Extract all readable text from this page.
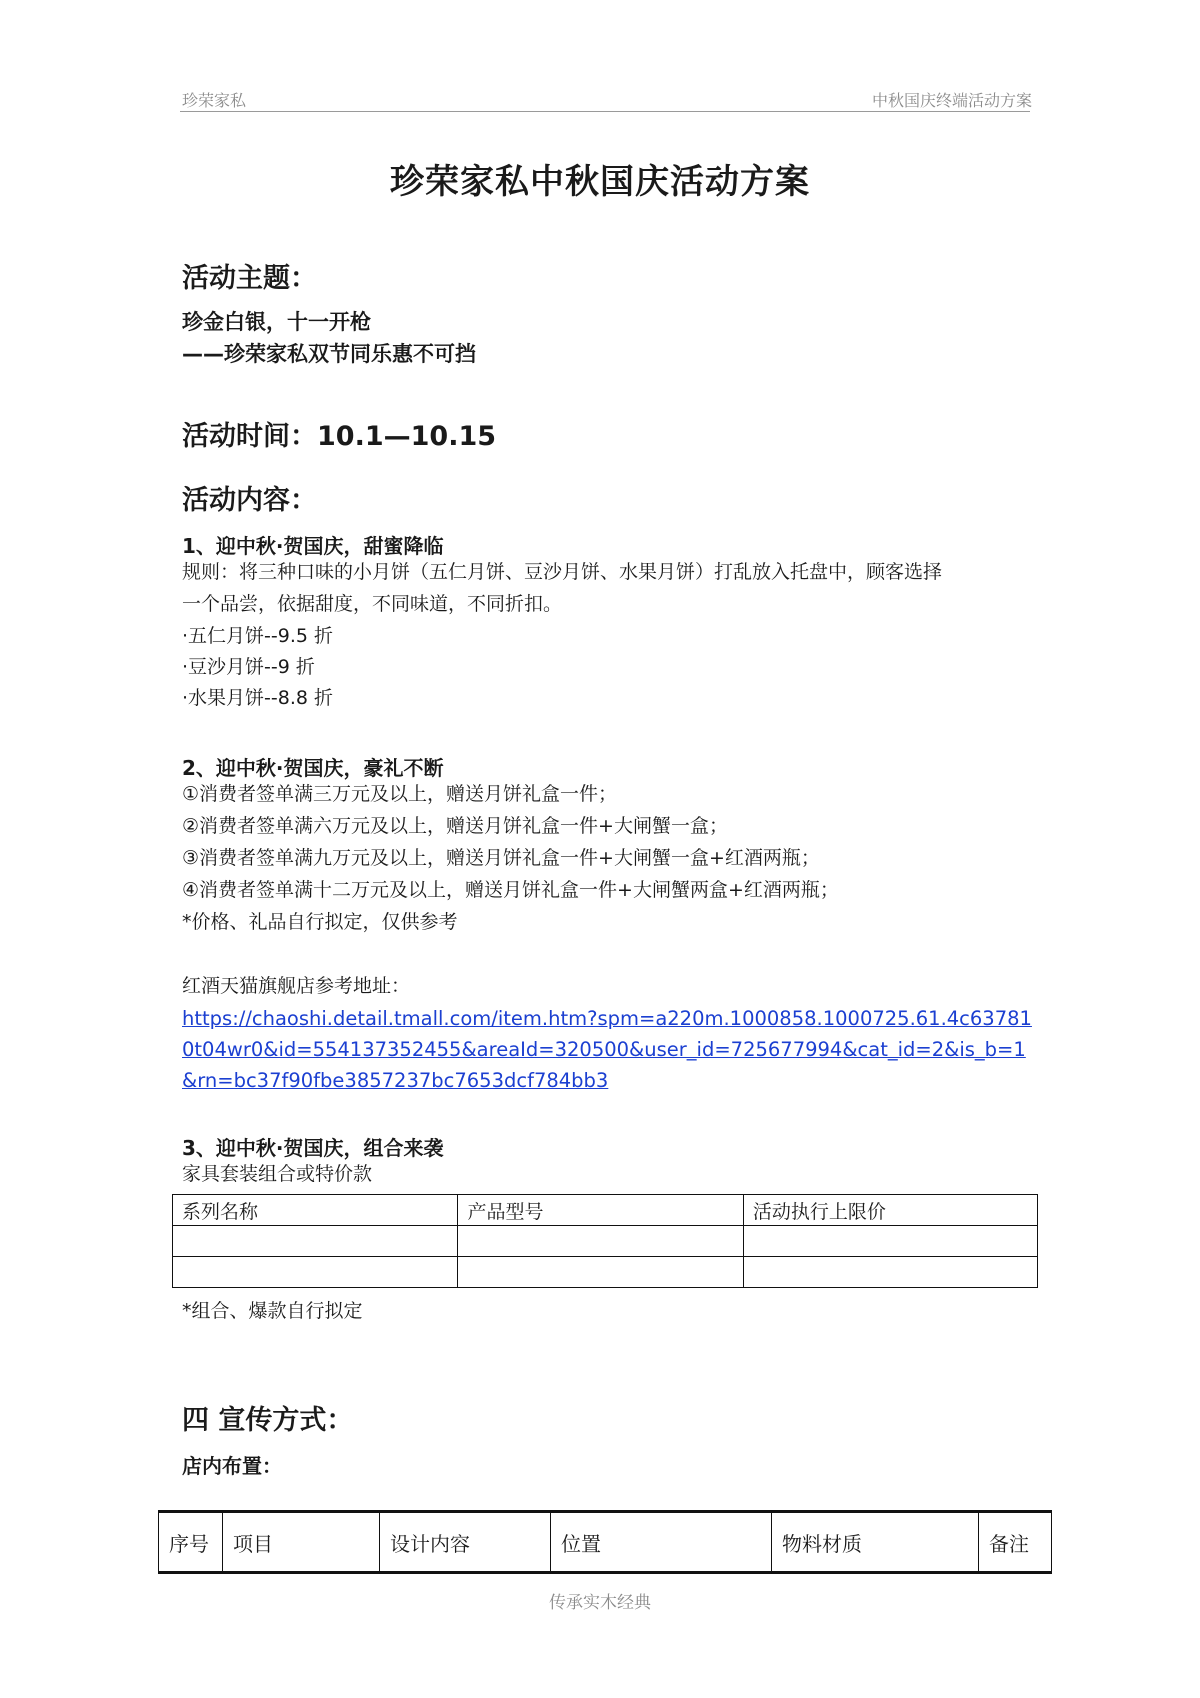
珍荣家私	中秋国庆终端活动方案
珍荣家私中秋国庆活动方案
活动主题：
珍金白银，十一开枪
——珍荣家私双节同乐惠不可挡
活动时间：10.1—10.15
活动内容：
1、迎中秋·贺国庆，甜蜜降临
规则：将三种口味的小月饼（五仁月饼、豆沙月饼、水果月饼）打乱放入托盘中，顾客选择
一个品尝，依据甜度，不同味道，不同折扣。
·五仁月饼--9.5 折
·豆沙月饼--9 折
·水果月饼--8.8 折
2、迎中秋·贺国庆，豪礼不断
①消费者签单满三万元及以上，赠送月饼礼盒一件；
②消费者签单满六万元及以上，赠送月饼礼盒一件+大闸蟹一盒；
③消费者签单满九万元及以上，赠送月饼礼盒一件+大闸蟹一盒+红酒两瓶；
④消费者签单满十二万元及以上，赠送月饼礼盒一件+大闸蟹两盒+红酒两瓶；
*价格、礼品自行拟定，仅供参考
红酒天猫旗舰店参考地址：
https://chaoshi.detail.tmall.com/item.htm?spm=a220m.1000858.1000725.61.4c637810t04wr0&id=554137352455&areaId=320500&user_id=725677994&cat_id=2&is_b=1&rn=bc37f90fbe3857237bc7653dcf784bb3
3、迎中秋·贺国庆，组合来袭
家具套装组合或特价款
系列名称	产品型号	活动执行上限价

*组合、爆款自行拟定
四 宣传方式：
店内布置：
序号	项目	设计内容	位置	物料材质	备注
传承实木经典
